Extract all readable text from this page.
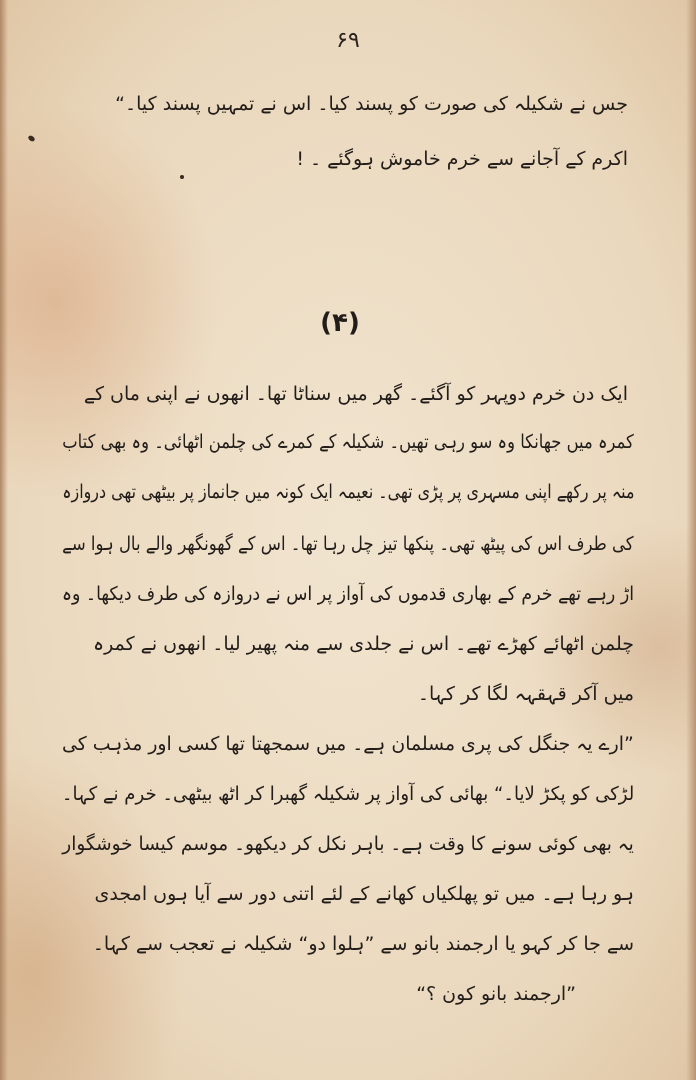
۶۹
جس نے شکیلہ کی صورت کو پسند کیا۔ اس نے تمہیں پسند کیا۔“
اکرم کے آجانے سے خرم خاموش ہوگئے ۔ !
(۴)
ایک دن خرم دوپہر کو آگئے۔ گھر میں سناٹا تھا۔ انھوں نے اپنی ماں کے
کمرہ میں جھانکا وہ سو رہی تھیں۔ شکیلہ کے کمرے کی چلمن اٹھائی۔ وہ بھی کتاب
منہ پر رکھے اپنی مسہری پر پڑی تھی۔ نعیمہ ایک کونہ میں جانماز پر بیٹھی تھی دروازہ
کی طرف اس کی پیٹھ تھی۔ پنکھا تیز چل رہا تھا۔ اس کے گھونگھر والے بال ہوا سے
اڑ رہے تھے خرم کے بھاری قدموں کی آواز پر اس نے دروازہ کی طرف دیکھا۔ وہ
چلمن اٹھائے کھڑے تھے۔ اس نے جلدی سے منہ پھیر لیا۔ انھوں نے کمرہ
میں آکر قہقہہ لگا کر کہا۔
”ارے یہ جنگل کی پری مسلمان ہے۔ میں سمجھتا تھا کسی اور مذہب کی
لڑکی کو پکڑ لایا۔“ بھائی کی آواز پر شکیلہ گھبرا کر اٹھ بیٹھی۔ خرم نے کہا۔
یہ بھی کوئی سونے کا وقت ہے۔ باہر نکل کر دیکھو۔ موسم کیسا خوشگوار
ہو رہا ہے۔ میں تو پھلکیاں کھانے کے لئے اتنی دور سے آیا ہوں امجدی
سے جا کر کہو یا ارجمند بانو سے ”ہلوا دو“ شکیلہ نے تعجب سے کہا۔
”ارجمند بانو کون ؟“
